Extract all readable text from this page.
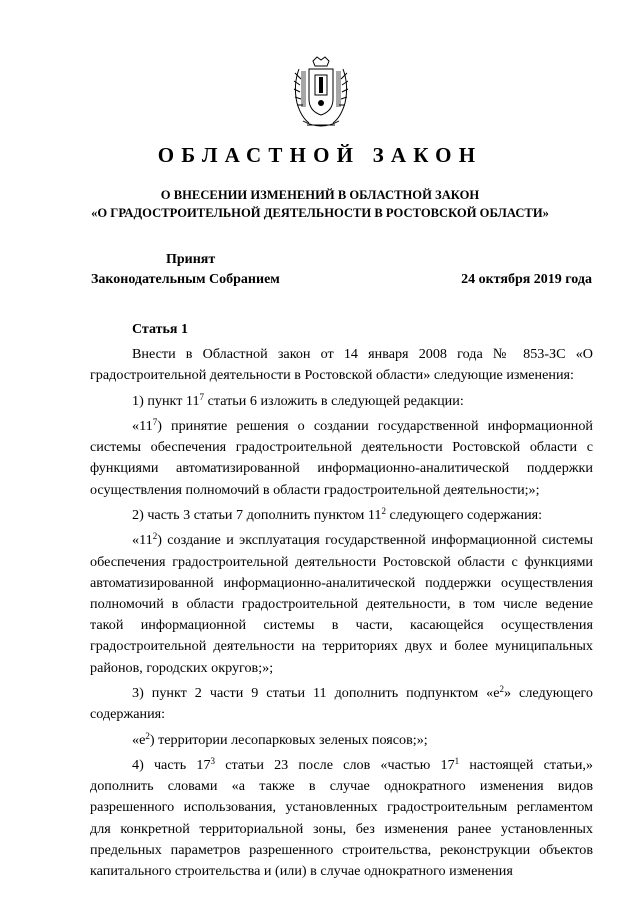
ОБЛАСТНОЙ ЗАКОН
О ВНЕСЕНИИ ИЗМЕНЕНИЙ В ОБЛАСТНОЙ ЗАКОН
«О ГРАДОСТРОИТЕЛЬНОЙ ДЕЯТЕЛЬНОСТИ В РОСТОВСКОЙ ОБЛАСТИ»
Принят
Законодательным Собранием	24 октября 2019 года
Статья 1

Внести в Областной закон от 14 января 2008 года № 853-ЗС «О градостроительной деятельности в Ростовской области» следующие изменения:

1) пункт $11^7$ статьи 6 изложить в следующей редакции:

«$11^7$) принятие решения о создании государственной информационной системы обеспечения градостроительной деятельности Ростовской области с функциями автоматизированной информационно-аналитической поддержки осуществления полномочий в области градостроительной деятельности;»;

2) часть 3 статьи 7 дополнить пунктом $11^2$ следующего содержания:

«$11^2$) создание и эксплуатация государственной информационной системы обеспечения градостроительной деятельности Ростовской области с функциями автоматизированной информационно-аналитической поддержки осуществления полномочий в области градостроительной деятельности, в том числе ведение такой информационной системы в части, касающейся осуществления градостроительной деятельности на территориях двух и более муниципальных районов, городских округов;»;

3) пункт 2 части 9 статьи 11 дополнить подпунктом «$е^2$» следующего содержания:

«$е^2$) территории лесопарковых зеленых поясов;»;

4) часть $17^3$ статьи 23 после слов «частью $17^1$ настоящей статьи,» дополнить словами «а также в случае однократного изменения видов разрешенного использования, установленных градостроительным регламентом для конкретной территориальной зоны, без изменения ранее установленных предельных параметров разрешенного строительства, реконструкции объектов капитального строительства и (или) в случае однократного изменения
